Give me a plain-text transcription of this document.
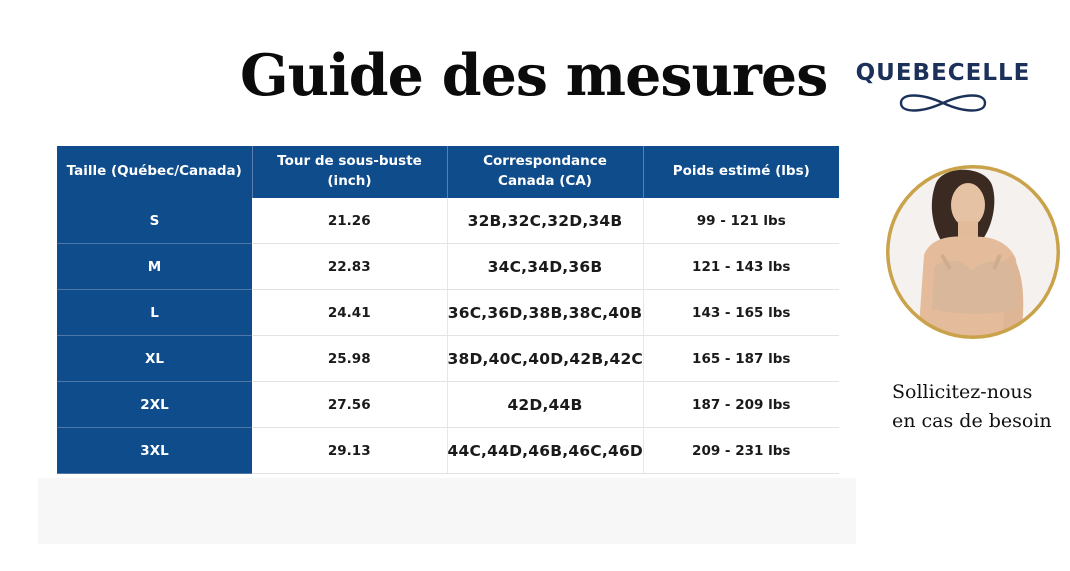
Guide des mesures QUEBECELLE
Taille (Québec/Canada)	Tour de sous-buste (inch)	Correspondance Canada (CA)	Poids estimé (lbs)
S	21.26	32B,32C,32D,34B	99 - 121 lbs
M	22.83	34C,34D,36B	121 - 143 lbs
L	24.41	36C,36D,38B,38C,40B	143 - 165 lbs
XL	25.98	38D,40C,40D,42B,42C	165 - 187 lbs
2XL	27.56	42D,44B	187 - 209 lbs
3XL	29.13	44C,44D,46B,46C,46D	209 - 231 lbs
Sollicitez-nous
en cas de besoin
